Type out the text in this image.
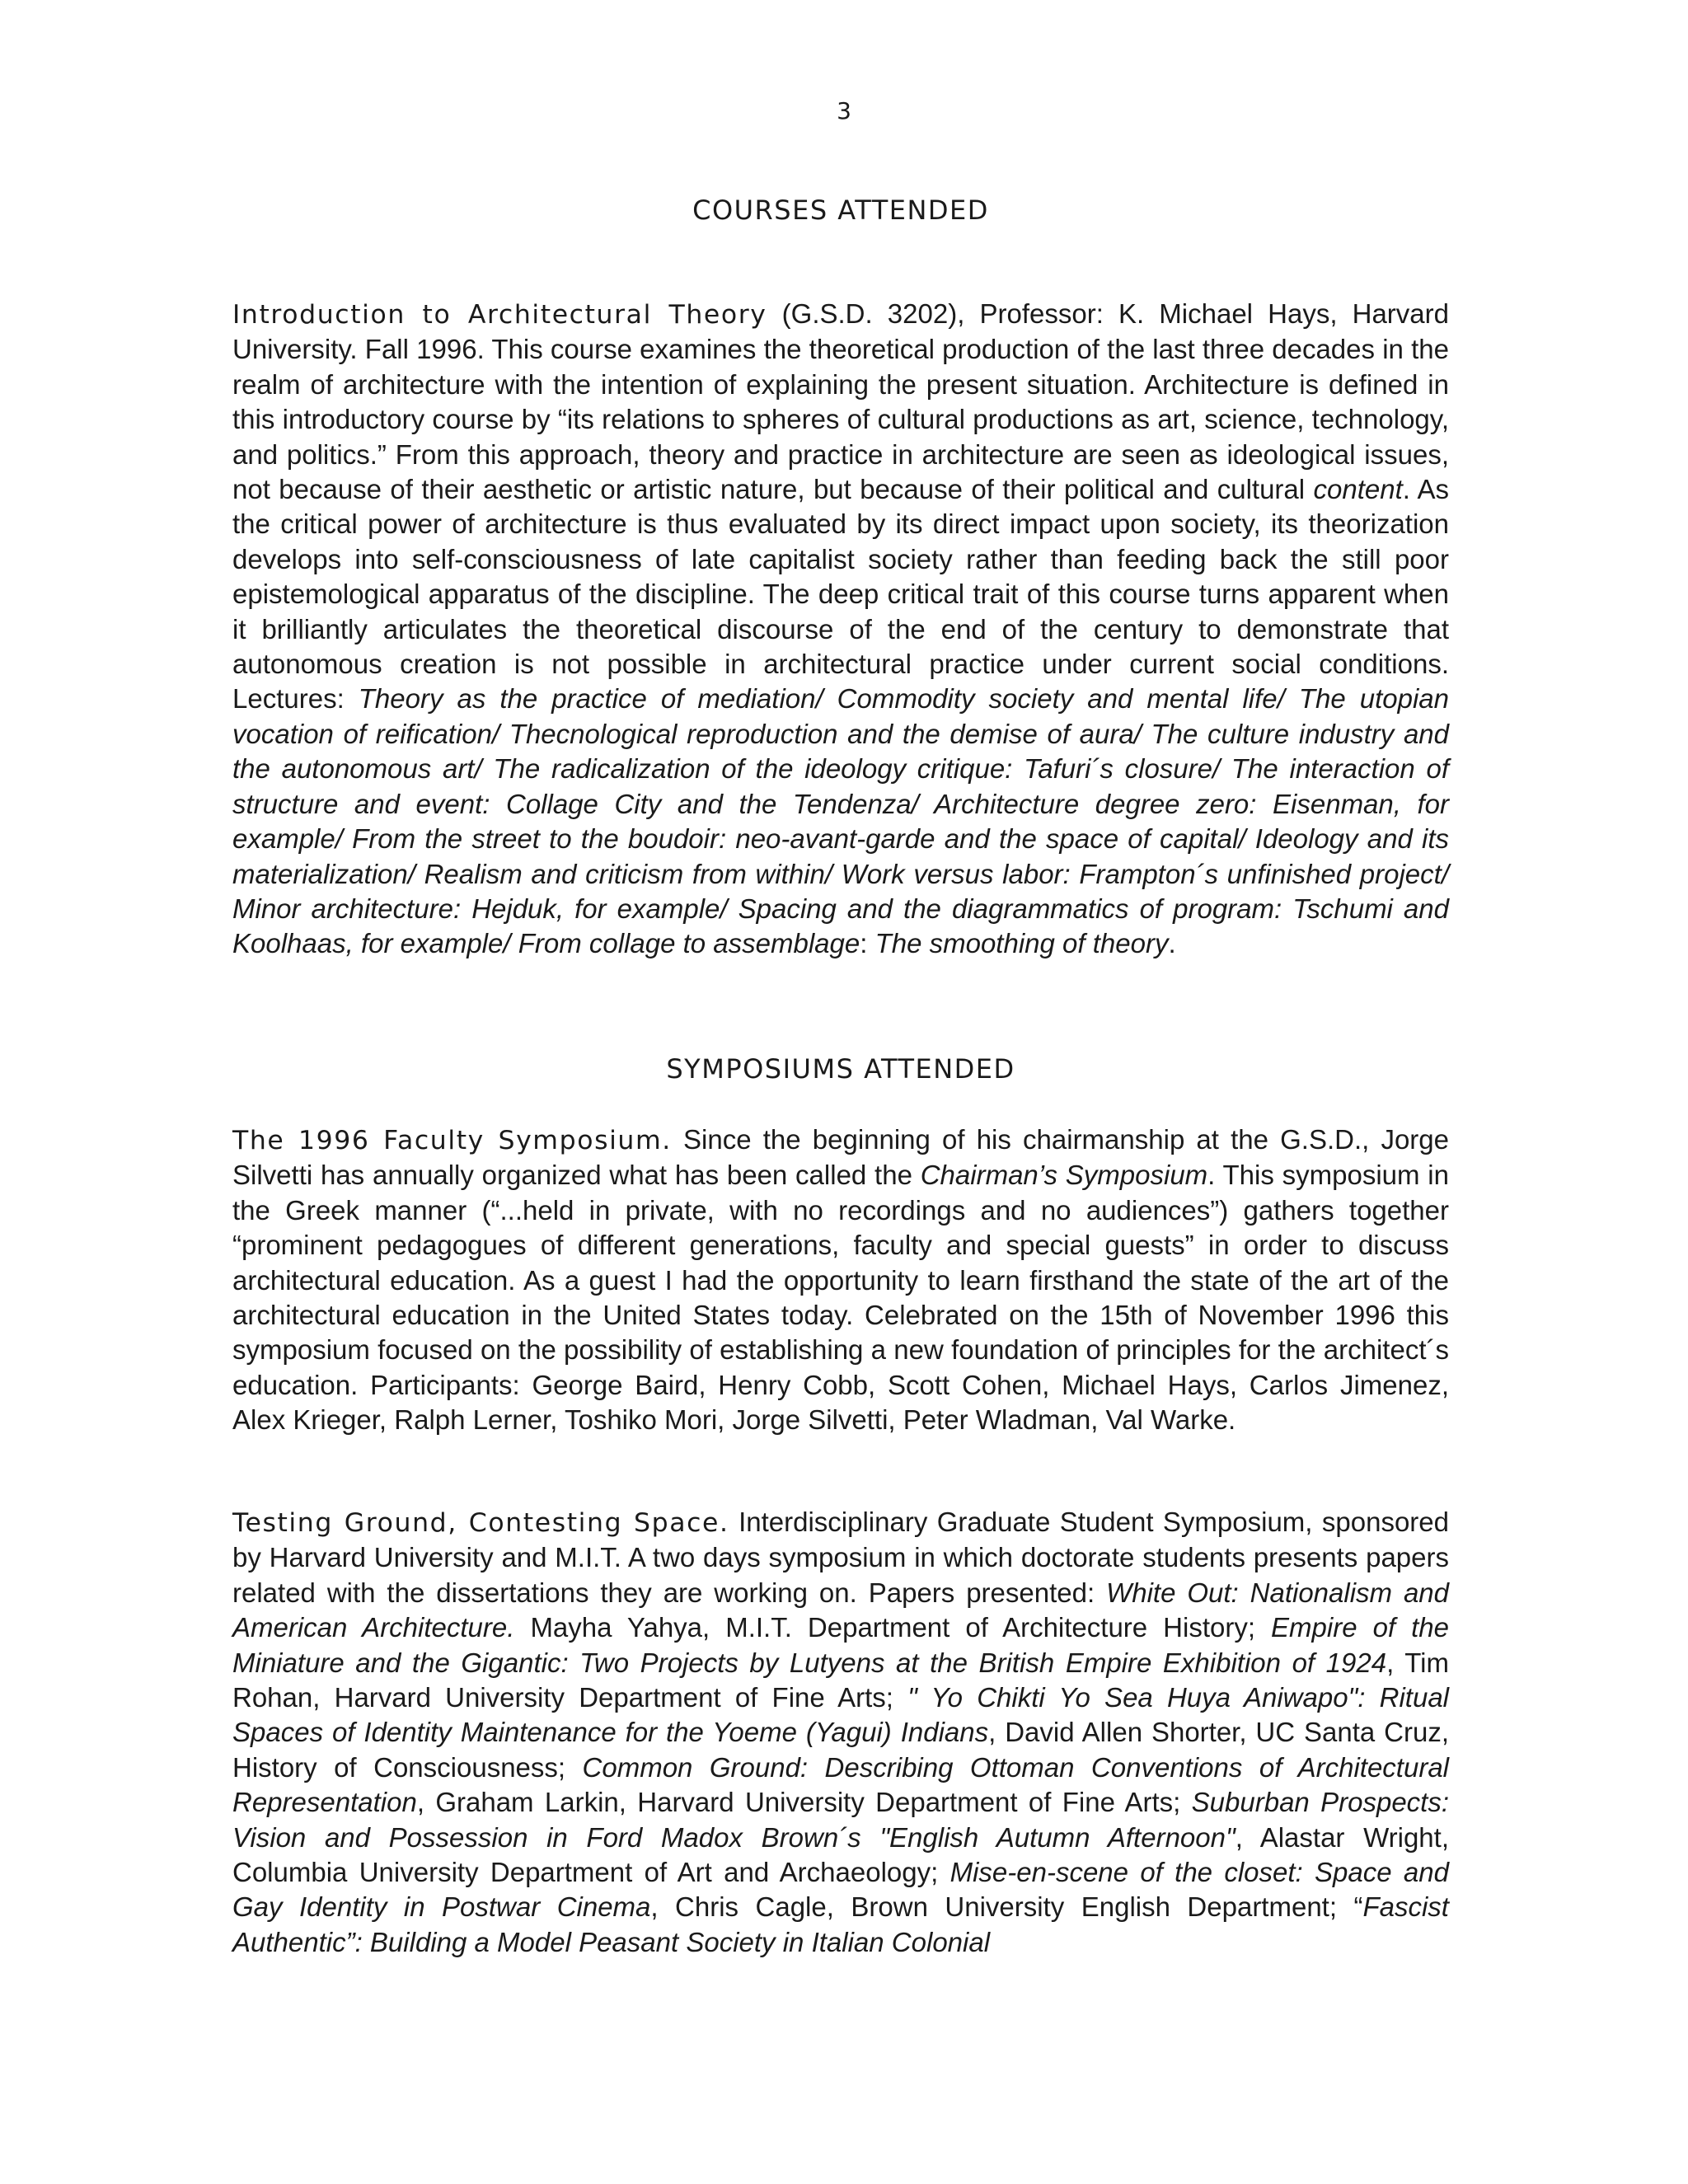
3
COURSES ATTENDED

Introduction to Architectural Theory (G.S.D. 3202), Professor: K. Michael Hays, Harvard University. Fall 1996. This course examines the theoretical production of the last three decades in the realm of architecture with the intention of explaining the present situation. Architecture is defined in this introductory course by “its relations to spheres of cultural productions as art, science, technology, and politics.” From this approach, theory and practice in architecture are seen as ideological issues, not because of their aesthetic or artistic nature, but because of their political and cultural content. As the critical power of architecture is thus evaluated by its direct impact upon society, its theorization develops into self-consciousness of late capitalist society rather than feeding back the still poor epistemological apparatus of the discipline. The deep critical trait of this course turns apparent when it brilliantly articulates the theoretical discourse of the end of the century to demonstrate that autonomous creation is not possible in architectural practice under current social conditions. Lectures: Theory as the practice of mediation/ Commodity society and mental life/ The utopian vocation of reification/ Thecnological reproduction and the demise of aura/ The culture industry and the autonomous art/ The radicalization of the ideology critique: Tafuri´s closure/ The interaction of structure and event: Collage City and the Tendenza/ Architecture degree zero: Eisenman, for example/ From the street to the boudoir: neo-avant-garde and the space of capital/ Ideology and its materialization/ Realism and criticism from within/ Work versus labor: Frampton´s unfinished project/ Minor architecture: Hejduk, for example/ Spacing and the diagrammatics of program: Tschumi and Koolhaas, for example/ From collage to assemblage: The smoothing of theory.

SYMPOSIUMS ATTENDED

The 1996 Faculty Symposium. Since the beginning of his chairmanship at the G.S.D., Jorge Silvetti has annually organized what has been called the Chairman’s Symposium. This symposium in the Greek manner (“...held in private, with no recordings and no audiences”) gathers together “prominent pedagogues of different generations, faculty and special guests” in order to discuss architectural education. As a guest I had the opportunity to learn firsthand the state of the art of the architectural education in the United States today. Celebrated on the 15th of November 1996 this symposium focused on the possibility of establishing a new foundation of principles for the architect´s education. Participants: George Baird, Henry Cobb, Scott Cohen, Michael Hays, Carlos Jimenez, Alex Krieger, Ralph Lerner, Toshiko Mori, Jorge Silvetti, Peter Wladman, Val Warke.

Testing Ground, Contesting Space. Interdisciplinary Graduate Student Symposium, sponsored by Harvard University and M.I.T. A two days symposium in which doctorate students presents papers related with the dissertations they are working on. Papers presented: White Out: Nationalism and American Architecture. Mayha Yahya, M.I.T. Department of Architecture History; Empire of the Miniature and the Gigantic: Two Projects by Lutyens at the British Empire Exhibition of 1924, Tim Rohan, Harvard University Department of Fine Arts; " Yo Chikti Yo Sea Huya Aniwapo": Ritual Spaces of Identity Maintenance for the Yoeme (Yagui) Indians, David Allen Shorter, UC Santa Cruz, History of Consciousness; Common Ground: Describing Ottoman Conventions of Architectural Representation, Graham Larkin, Harvard University Department of Fine Arts; Suburban Prospects: Vision and Possession in Ford Madox Brown´s "English Autumn Afternoon", Alastar Wright, Columbia University Department of Art and Archaeology; Mise-en-scene of the closet: Space and Gay Identity in Postwar Cinema, Chris Cagle, Brown University English Department; “Fascist Authentic”: Building a Model Peasant Society in Italian Colonial
